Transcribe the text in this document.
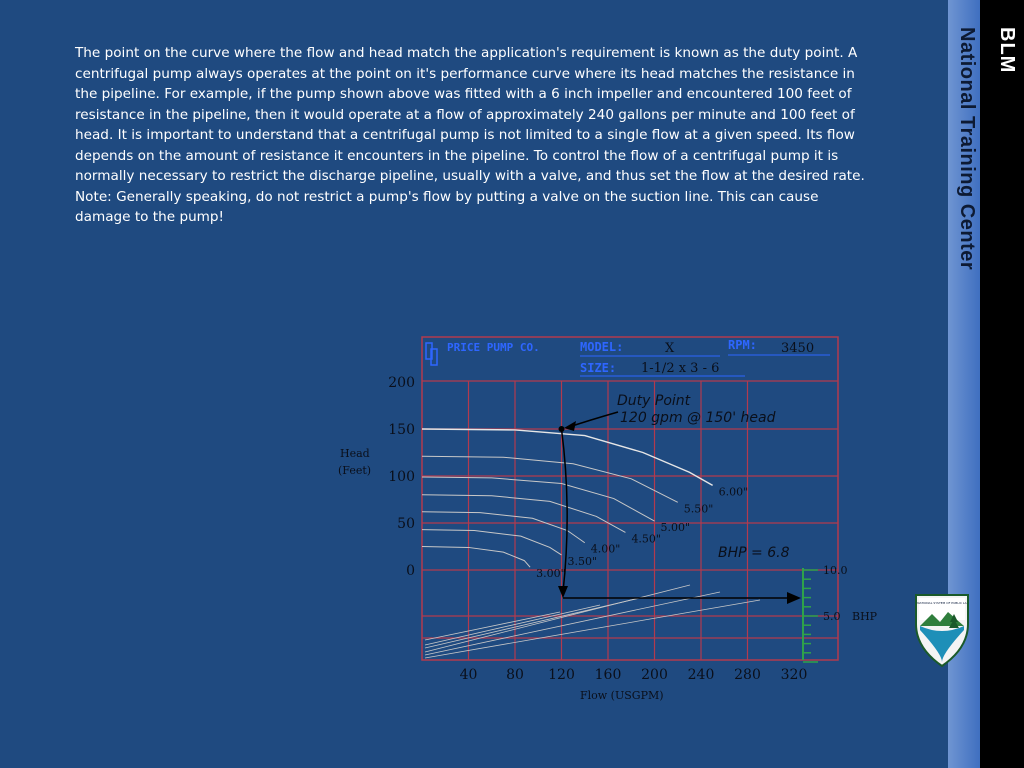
The point on the curve where the flow and head match the application's requirement is known as the duty point. A centrifugal pump always operates at the point on it's performance curve where its head matches the resistance in the pipeline. For example, if the pump shown above was fitted with a 6 inch impeller and encountered 100 feet of resistance in the pipeline, then it would operate at a flow of approximately 240 gallons per minute and 100 feet of head. It is important to understand that a centrifugal pump is not limited to a single flow at a given speed. Its flow depends on the amount of resistance it encounters in the pipeline. To control the flow of a centrifugal pump it is normally necessary to restrict the discharge pipeline, usually with a valve, and thus set the flow at the desired rate. Note: Generally speaking, do not restrict a pump's flow by putting a valve on the suction line. This can cause damage to the pump!

40 80 120 160 200 240 280 320
200
150
100
50
0
6.00"
5.50"
5.00"
4.50"
4.00"
3.50"
3.00"
PRICE PUMP CO.	MODEL:	X	RPM: 3450
SIZE: 1-1/2 x 3 - 6
Head
(Feet)
Flow (USGPM)
Duty Point
120 gpm @ 150' head
BHP = 6.8
10.0
5.0 BHP
BLM
National Training Center
NATIONAL SYSTEM OF PUBLIC LA
